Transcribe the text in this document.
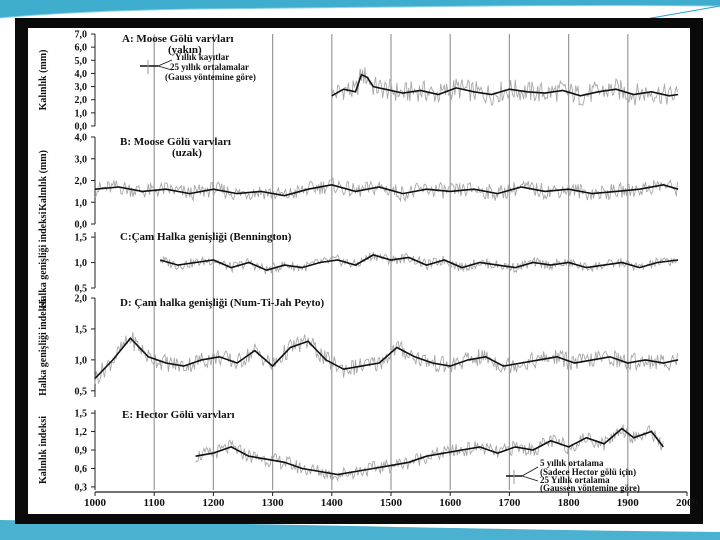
0,0
1,0
2,0
3,0
4,0
5,0
6,0
7,0
Kalınlık (mm)
A: Moose Gölü varvları
(yakın)
Yıllık kayıtlar
25 yıllık ortalamalar
(Gauss yöntemine göre)
0,0
1,0
2,0
3,0
4,0
Kalınlık (mm)
B: Moose Gölü varvları
(uzak)
0,5
1,0
1,5
Halka genişliği indeksi	C:Çam Halka genişliği (Bennington)
0,5
1,0
1,5
2,0
Halka genişliği indeksi	D: Çam halka genişliği (Num-Ti-Jah Peyto)
0,3
0,6
0,9
1,2
1,5
Kalınlık indeksi
E: Hector Gölü varvları
5 yıllık ortalama
(Sadece Hector gölü için)
25 Yıllık ortalama
(Gaussen yöntemine göre)
1000	1100	1200	1300	1400	1500	1600	1700	1800	1900	2000
